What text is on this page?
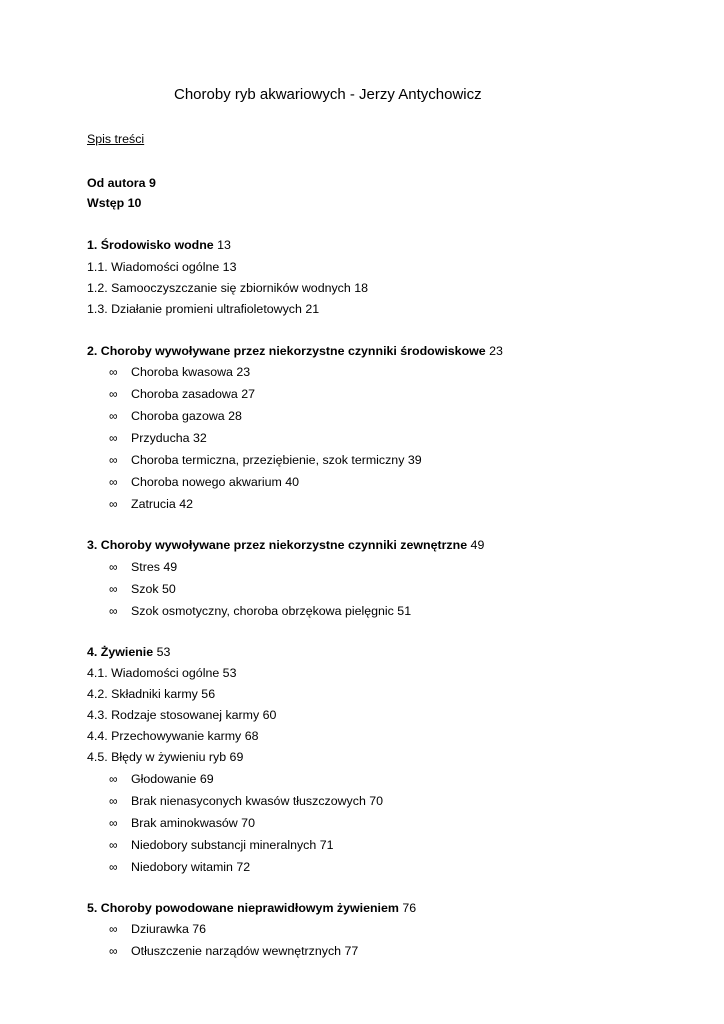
Choroby ryb akwariowych - Jerzy Antychowicz
Spis treści
Od autora 9
Wstęp 10
1. Środowisko wodne 13
1.1. Wiadomości ogólne 13
1.2. Samooczyszczanie się zbiorników wodnych 18
1.3. Działanie promieni ultrafioletowych 21
2. Choroby wywoływane przez niekorzystne czynniki środowiskowe 23
∞ Choroba kwasowa 23
∞ Choroba zasadowa 27
∞ Choroba gazowa 28
∞ Przyducha 32
∞ Choroba termiczna, przeziębienie, szok termiczny 39
∞ Choroba nowego akwarium 40
∞ Zatrucia 42
3. Choroby wywoływane przez niekorzystne czynniki zewnętrzne 49
∞ Stres 49
∞ Szok 50
∞ Szok osmotyczny, choroba obrzękowa pielęgnic 51
4. Żywienie 53
4.1. Wiadomości ogólne 53
4.2. Składniki karmy 56
4.3. Rodzaje stosowanej karmy 60
4.4. Przechowywanie karmy 68
4.5. Błędy w żywieniu ryb 69
∞ Głodowanie 69
∞ Brak nienasyconych kwasów tłuszczowych 70
∞ Brak aminokwasów 70
∞ Niedobory substancji mineralnych 71
∞ Niedobory witamin 72
5. Choroby powodowane nieprawidłowym żywieniem 76
∞ Dziurawka 76
∞ Otłuszczenie narządów wewnętrznych 77
